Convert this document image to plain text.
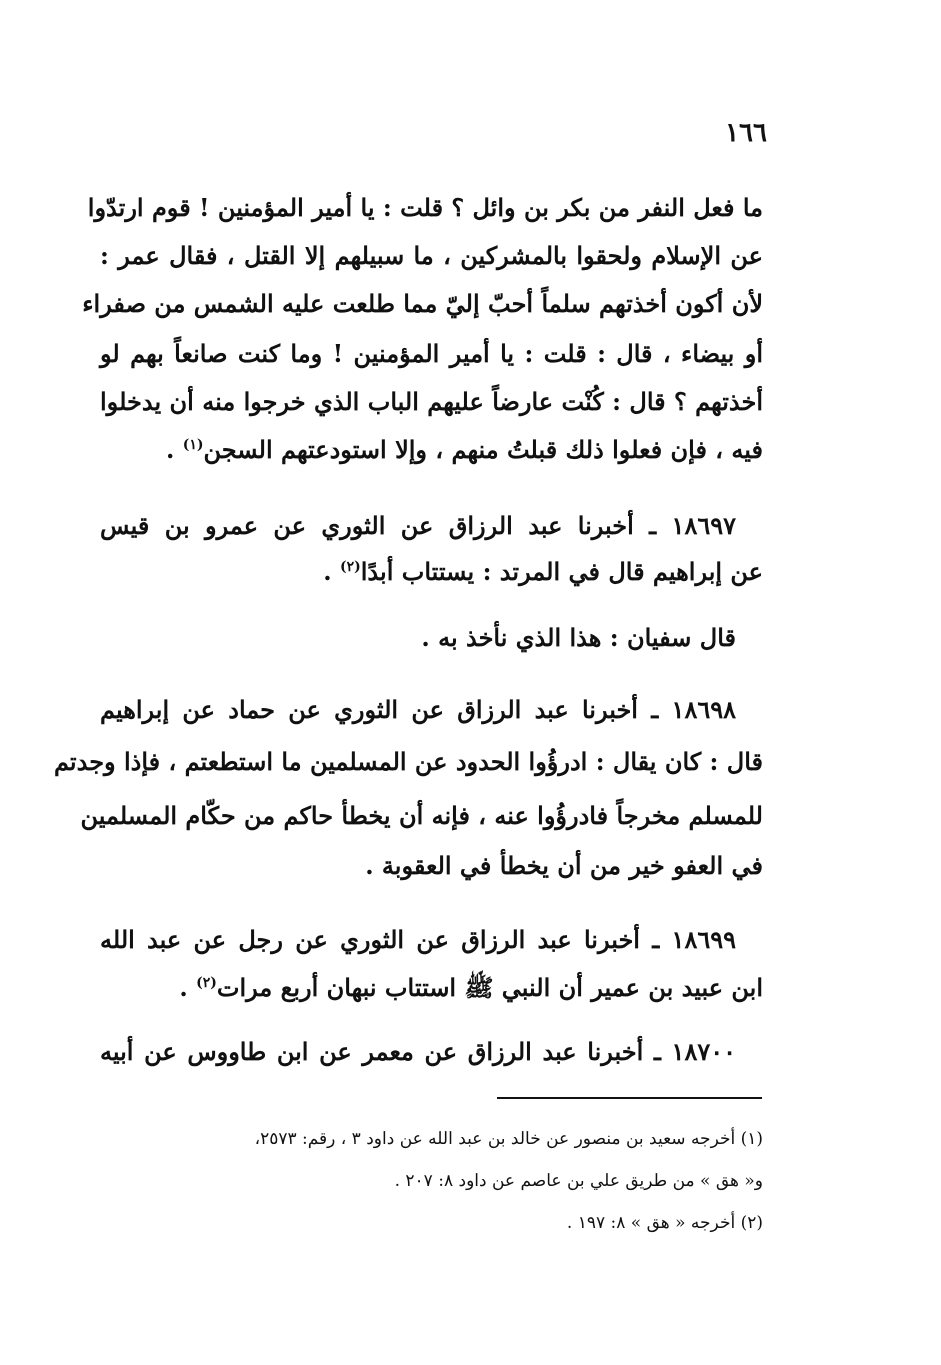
١٦٦
ما فعل النفر من بكر بن وائل ؟ قلت : يا أمير المؤمنين ! قوم ارتدّوا
عن الإسلام ولحقوا بالمشركين ، ما سبيلهم إلا القتل ، فقال عمر :
لأن أكون أخذتهم سلماً أحبّ إليّ مما طلعت عليه الشمس من صفراء
أو بيضاء ، قال : قلت : يا أمير المؤمنين ! وما كنت صانعاً بهم لو
أخذتهم ؟ قال : كُنْت عارضاً عليهم الباب الذي خرجوا منه أن يدخلوا
فيه ، فإن فعلوا ذلك قبلتُ منهم ، وإلا استودعتهم السجن$^{(١)}$ .
١٨٦٩٧ ـ أخبرنا عبد الرزاق عن الثوري عن عمرو بن قيس
عن إبراهيم قال في المرتد : يستتاب أبدًا$^{(٢)}$ .
قال سفيان : هذا الذي نأخذ به .
١٨٦٩٨ ـ أخبرنا عبد الرزاق عن الثوري عن حماد عن إبراهيم
قال : كان يقال : ادرؤُوا الحدود عن المسلمين ما استطعتم ، فإذا وجدتم
للمسلم مخرجاً فادرؤُوا عنه ، فإنه أن يخطأ حاكم من حكّام المسلمين
في العفو خير من أن يخطأ في العقوبة .
١٨٦٩٩ ـ أخبرنا عبد الرزاق عن الثوري عن رجل عن عبد الله
ابن عبيد بن عمير أن النبي ﷺ استتاب نبهان أربع مرات$^{(٢)}$ .
١٨٧٠٠ ـ أخبرنا عبد الرزاق عن معمر عن ابن طاووس عن أبيه
(١) أخرجه سعيد بن منصور عن خالد بن عبد الله عن داود ٣ ، رقم: ٢٥٧٣،
و« هق » من طريق علي بن عاصم عن داود ٨: ٢٠٧ .
(٢) أخرجه « هق » ٨: ١٩٧ .
